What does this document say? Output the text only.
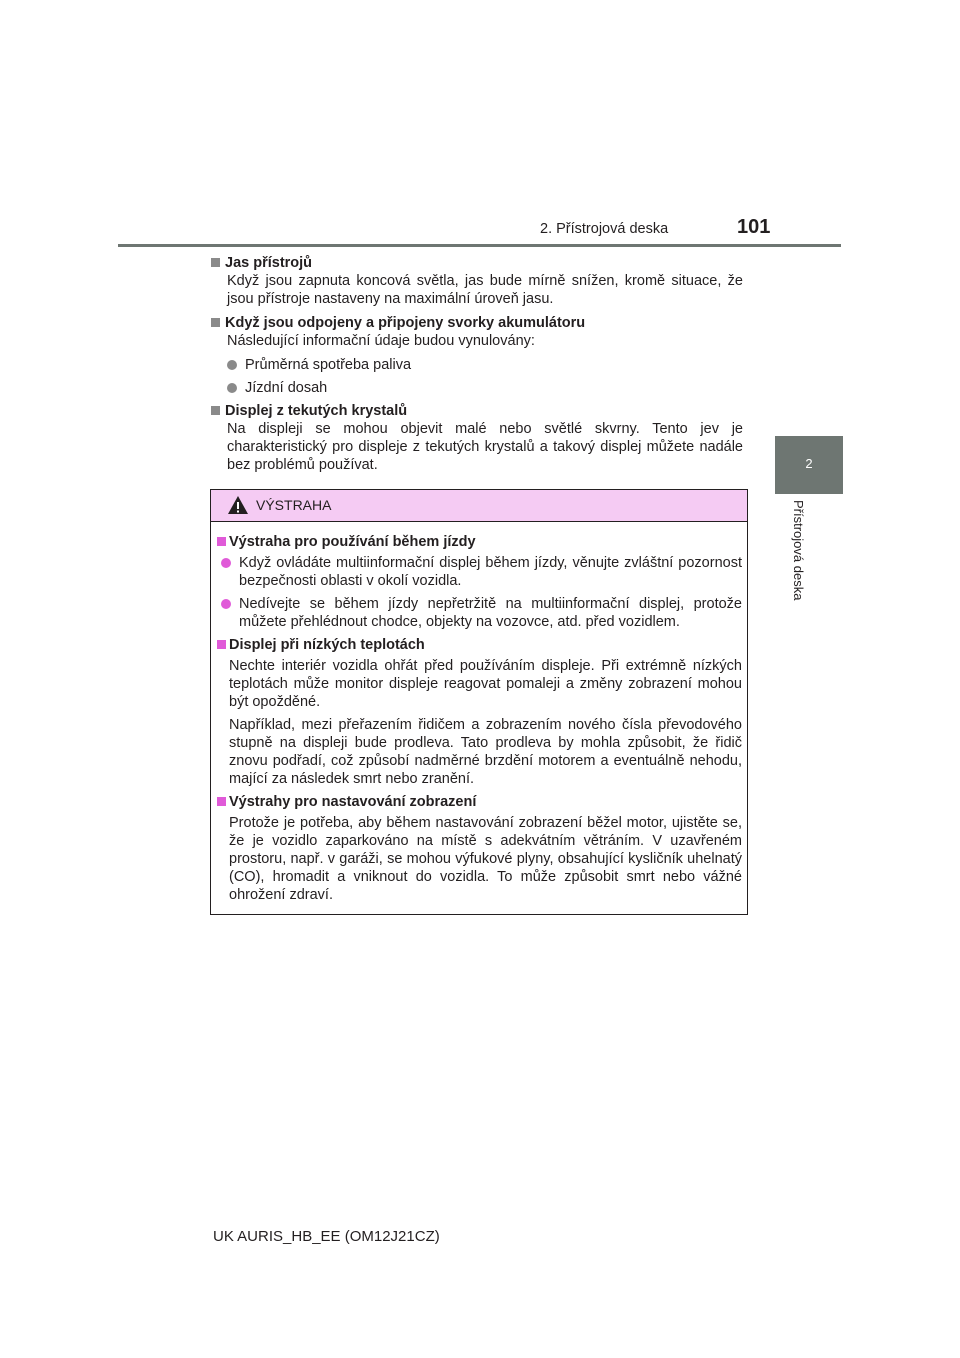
2. Přístrojová deska	101
2
Přístrojová deska

Jas přístrojů

Když jsou zapnuta koncová světla, jas bude mírně snížen, kromě situace, že jsou přístroje nastaveny na maximální úroveň jasu.

Když jsou odpojeny a připojeny svorky akumulátoru

Následující informační údaje budou vynulovány:

Průměrná spotřeba paliva

Jízdní dosah

Displej z tekutých krystalů

Na displeji se mohou objevit malé nebo světlé skvrny. Tento jev je charakteristický pro displeje z tekutých krystalů a takový displej můžete nadále bez problémů používat.

VÝSTRAHA

Výstraha pro používání během jízdy

Když ovládáte multiinformační displej během jízdy, věnujte zvláštní pozornost bezpečnosti oblasti v okolí vozidla.

Nedívejte se během jízdy nepřetržitě na multiinformační displej, protože můžete přehlédnout chodce, objekty na vozovce, atd. před vozidlem.

Displej při nízkých teplotách

Nechte interiér vozidla ohřát před používáním displeje. Při extrémně nízkých teplotách může monitor displeje reagovat pomaleji a změny zobrazení mohou být opožděné.

Například, mezi přeřazením řidičem a zobrazením nového čísla převodového stupně na displeji bude prodleva. Tato prodleva by mohla způsobit, že řidič znovu podřadí, což způsobí nadměrné brzdění motorem a eventuálně nehodu, mající za následek smrt nebo zranění.

Výstrahy pro nastavování zobrazení

Protože je potřeba, aby během nastavování zobrazení běžel motor, ujistěte se, že je vozidlo zaparkováno na místě s adekvátním větráním. V uzavřeném prostoru, např. v garáži, se mohou výfukové plyny, obsahující kysličník uhelnatý (CO), hromadit a vniknout do vozidla. To může způsobit smrt nebo vážné ohrožení zdraví.

UK AURIS_HB_EE (OM12J21CZ)
